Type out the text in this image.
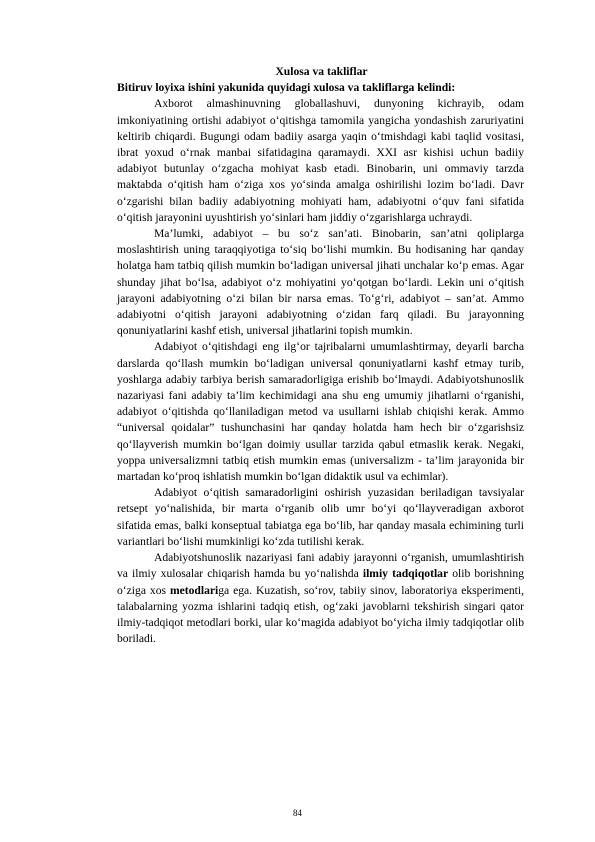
Xulosa va takliflar

Bitiruv loyixa ishini yakunida quyidagi xulosa va takliflarga kelindi:

Axborot almashinuvning globallashuvi, dunyoning kichrayib, odam imkoniyatining ortishi adabiyot o‘qitishga tamomila yangicha yondashish zaruriyatini keltirib chiqardi. Bugungi odam badiiy asarga yaqin o‘tmishdagi kabi taqlid vositasi, ibrat yoxud o‘rnak manbai sifatidagina qaramaydi. XXI asr kishisi uchun badiiy adabiyot butunlay o‘zgacha mohiyat kasb etadi. Binobarin, uni ommaviy tarzda maktabda o‘qitish ham o‘ziga xos yo‘sinda amalga oshirilishi lozim bo‘ladi. Davr o‘zgarishi bilan badiiy adabiyotning mohiyati ham, adabiyotni o‘quv fani sifatida o‘qitish jarayonini uyushtirish yo‘sinlari ham jiddiy o‘zgarishlarga uchraydi.

Ma’lumki, adabiyot – bu so‘z san’ati. Binobarin, san’atni qoliplarga moslashtirish uning taraqqiyotiga to‘siq bo‘lishi mumkin. Bu hodisaning har qanday holatga ham tatbiq qilish mumkin bo‘ladigan universal jihati unchalar ko‘p emas. Agar shunday jihat bo‘lsa, adabiyot o‘z mohiyatini yo‘qotgan bo‘lardi. Lekin uni o‘qitish jarayoni adabiyotning o‘zi bilan bir narsa emas. To‘g‘ri, adabiyot – san’at. Ammo adabiyotni o‘qitish jarayoni adabiyotning o‘zidan farq qiladi. Bu jarayonning qonuniyatlarini kashf etish, universal jihatlarini topish mumkin.

Adabiyot o‘qitishdagi eng ilg‘or tajribalarni umumlashtirmay, deyarli barcha darslarda qo‘llash mumkin bo‘ladigan universal qonuniyatlarni kashf etmay turib, yoshlarga adabiy tarbiya berish samaradorligiga erishib bo‘lmaydi. Adabiyotshunoslik nazariyasi fani adabiy ta’lim kechimidagi ana shu eng umumiy jihatlarni o‘rganishi, adabiyot o‘qitishda qo‘llaniladigan metod va usullarni ishlab chiqishi kerak. Ammo “universal qoidalar” tushunchasini har qanday holatda ham hech bir o‘zgarishsiz qo‘llayverish mumkin bo‘lgan doimiy usullar tarzida qabul etmaslik kerak. Negaki, yoppa universalizmni tatbiq etish mumkin emas (universalizm - ta’lim jarayonida bir martadan ko‘proq ishlatish mumkin bo‘lgan didaktik usul va echimlar).

Adabiyot o‘qitish samaradorligini oshirish yuzasidan beriladigan tavsiyalar retsept yo‘nalishida, bir marta o‘rganib olib umr bo‘yi qo‘llayveradigan axborot sifatida emas, balki konseptual tabiatga ega bo‘lib, har qanday masala echimining turli variantlari bo‘lishi mumkinligi ko‘zda tutilishi kerak.

Adabiyotshunoslik nazariyasi fani adabiy jarayonni o‘rganish, umumlashtirish va ilmiy xulosalar chiqarish hamda bu yo‘nalishda ilmiy tadqiqotlar olib borishning o‘ziga xos metodlariga ega. Kuzatish, so‘rov, tabiiy sinov, laboratoriya eksperimenti, talabalarning yozma ishlarini tadqiq etish, og‘zaki javoblarni tekshirish singari qator ilmiy-tadqiqot metodlari borki, ular ko‘magida adabiyot bo‘yicha ilmiy tadqiqotlar olib boriladi.

84
